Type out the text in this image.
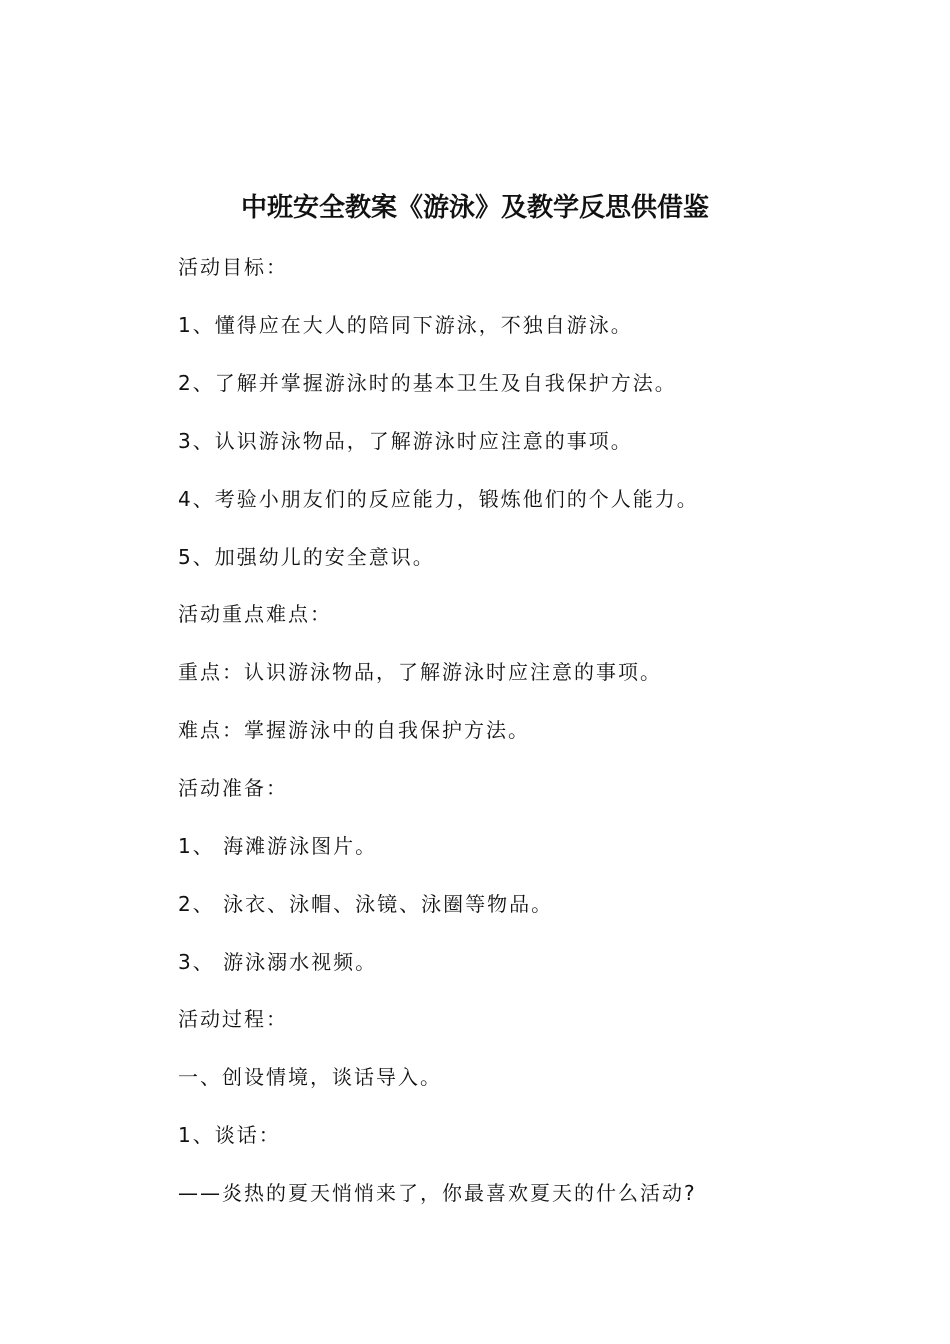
中班安全教案《游泳》及教学反思供借鉴
活动目标：
1、懂得应在大人的陪同下游泳，不独自游泳。
2、了解并掌握游泳时的基本卫生及自我保护方法。
3、认识游泳物品，了解游泳时应注意的事项。
4、考验小朋友们的反应能力，锻炼他们的个人能力。
5、加强幼儿的安全意识。
活动重点难点：
重点：认识游泳物品，了解游泳时应注意的事项。
难点：掌握游泳中的自我保护方法。
活动准备：
1、 海滩游泳图片。
2、 泳衣、泳帽、泳镜、泳圈等物品。
3、 游泳溺水视频。
活动过程：
一、创设情境，谈话导入。
1、谈话：
——炎热的夏天悄悄来了，你最喜欢夏天的什么活动?
